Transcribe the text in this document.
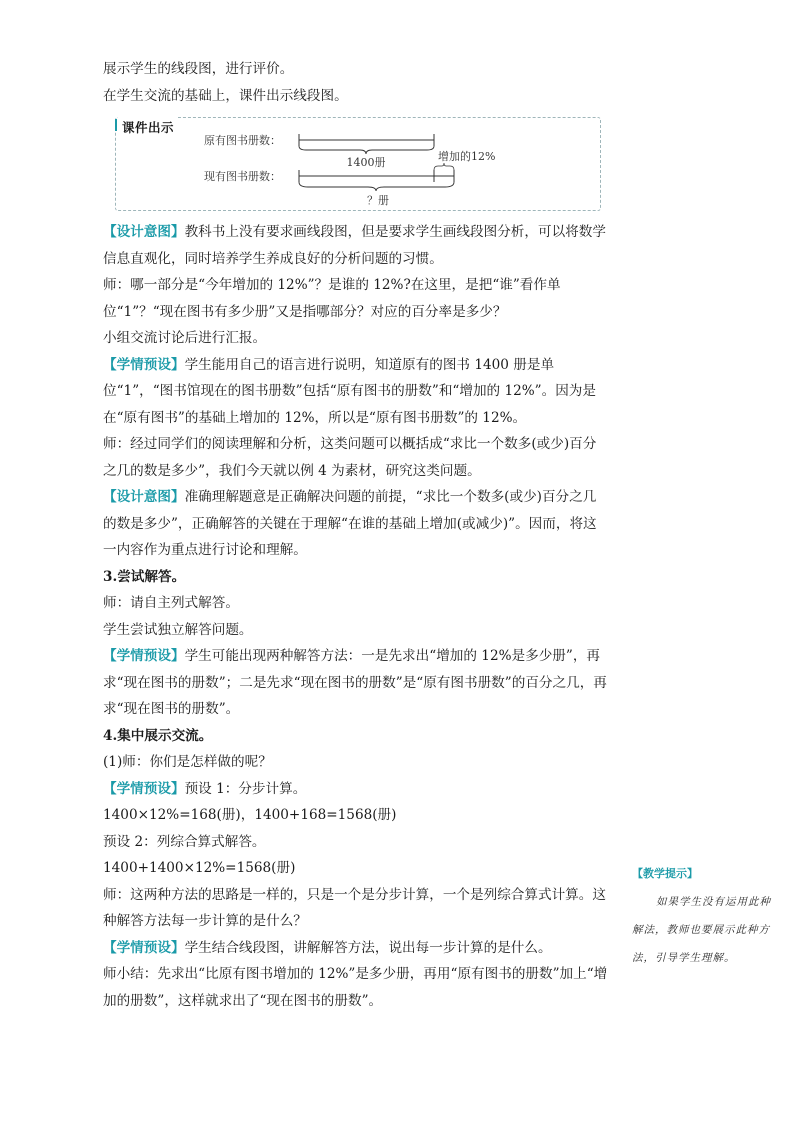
展示学生的线段图，进行评价。

在学生交流的基础上，课件出示线段图。

课件出示
原有图书册数：
现有图书册数：
1400册	增加的12%
？册

【设计意图】教科书上没有要求画线段图，但是要求学生画线段图分析，可以将数学信息直观化，同时培养学生养成良好的分析问题的习惯。

师：哪一部分是“今年增加的 12%”？是谁的 12%?在这里，是把“谁”看作单位“1”？“现在图书有多少册”又是指哪部分？对应的百分率是多少？

小组交流讨论后进行汇报。

【学情预设】学生能用自己的语言进行说明，知道原有的图书 1400 册是单位“1”，“图书馆现在的图书册数”包括“原有图书的册数”和“增加的 12%”。因为是在“原有图书”的基础上增加的 12%，所以是“原有图书册数”的 12%。

师：经过同学们的阅读理解和分析，这类问题可以概括成“求比一个数多(或少)百分之几的数是多少”，我们今天就以例 4 为素材，研究这类问题。

【设计意图】准确理解题意是正确解决问题的前提，“求比一个数多(或少)百分之几的数是多少”，正确解答的关键在于理解“在谁的基础上增加(或减少)”。因而，将这一内容作为重点进行讨论和理解。

3.尝试解答。

师：请自主列式解答。

学生尝试独立解答问题。

【学情预设】学生可能出现两种解答方法：一是先求出“增加的 12%是多少册”，再求“现在图书的册数”；二是先求“现在图书的册数”是“原有图书册数”的百分之几，再求“现在图书的册数”。

4.集中展示交流。

(1)师：你们是怎样做的呢？

【学情预设】预设 1：分步计算。

1400×12%=168(册)，1400+168=1568(册)

预设 2：列综合算式解答。

1400+1400×12%=1568(册)

师：这两种方法的思路是一样的，只是一个是分步计算，一个是列综合算式计算。这种解答方法每一步计算的是什么？

【学情预设】学生结合线段图，讲解解答方法，说出每一步计算的是什么。

师小结：先求出“比原有图书增加的 12%”是多少册，再用“原有图书的册数”加上“增加的册数”，这样就求出了“现在图书的册数”。

【教学提示】
如果学生没有运用此种解法，教师也要展示此种方法，引导学生理解。
